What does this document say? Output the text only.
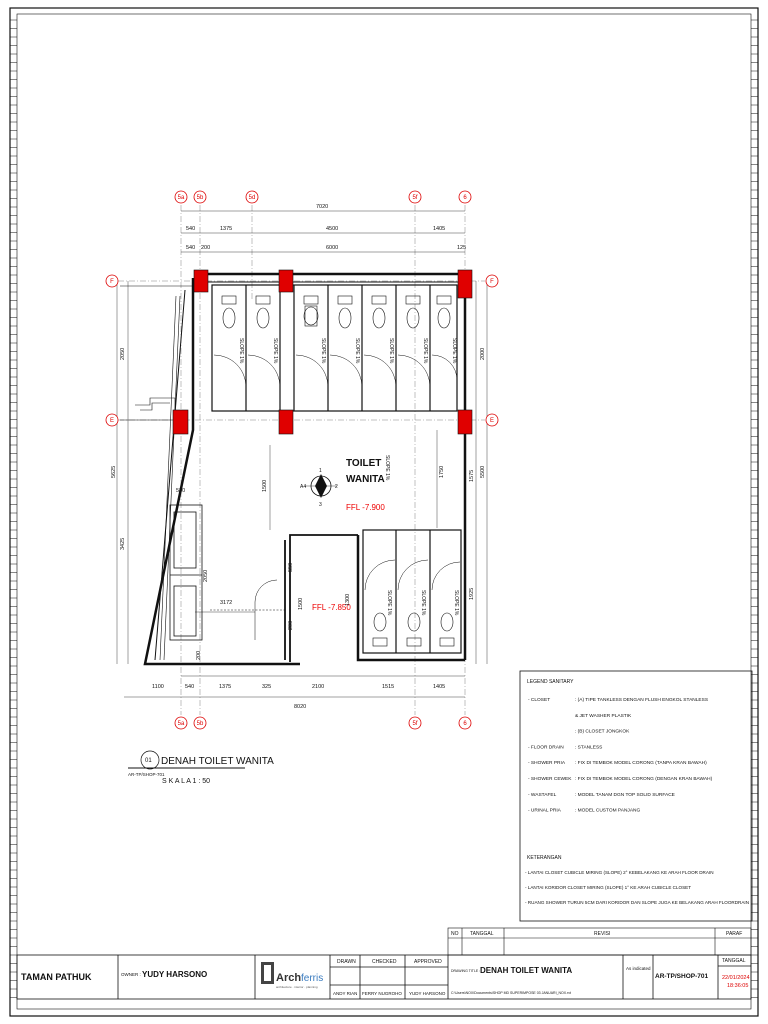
SLOPE 1%	SLOPE 1%	SLOPE 1%	SLOPE 1%	SLOPE 1%	SLOPE 1%	SLOPE 1%
SLOPE 1%	SLOPE 1%	SLOPE 1%
1
3
A4	2
TOILET
WANITA
FFL -7.900
FFL -7.850
SLOPE 1%
1500
1750
580
2050
3172	1500	1300
550
200
200
7020
540	1375	4500	1405
540 200	6000	125
1100	540	1375	325	2100	1515	1405
8020
2050
5625
3425
2000
1575 5500
1925
5a 5b	5d	5f	6
5a 5b	5f	6
F
E
F
E
01 DENAH TOILET WANITA
AR-TP/SHOP-701
S K A L A 1 : 50
LEGEND SANITARY
- CLOSET	: (A) TIPE TANKLESS DENGAN FLUSH ENGKOL STANLESS
& JET WASHER PLASTIK
: (B) CLOSET JONGKOK
- FLOOR DRAIN : STANLESS
- SHOWER PRIA : FIX DI TEMBOK MODEL CORONG (TANPA KRAN BAWAH)
- SHOWER CEWEK : FIX DI TEMBOK MODEL CORONG (DENGAN KRAN BAWAH)
- WASTAFEL	: MODEL TANAM DGN TOP SOLID SURFACE
- URINAL PRIA	: MODEL CUSTOM PANJANG
KETERANGAN
- LANTAI CLOSET CUBICLE MIRING (SLOPE) 2° KEBELAKANG KE ARAH FLOOR DRAIN
- LANTAI KORIDOR CLOSET MIRING (SLOPE) 1° KE ARAH CUBICLE CLOSET
- RUANG SHOWER TURUN 5CM DARI KORIDOR DAN SLOPE JUGA KE BELAKANG ARAH FLOORDRAIN
NO TANGGAL	REVISI	PARAF
Arch ferris
architecture · interior · planning
TAMAN PATHUK	OWNER : YUDY HARSONO
DRAWN
ANDY RIAN
CHECKED
FERRY NUGROHO
APPROVED
YUDY HARSONO
DRAWING TITLE : DENAH TOILET WANITA
C:\Users\NOX\Documents\SHOP MD SUPERIMPOSE 03 JANUARI_NOX.rvt
As indicated
AR-TP/SHOP-701
TANGGAL
22/01/2024
18:36:05
